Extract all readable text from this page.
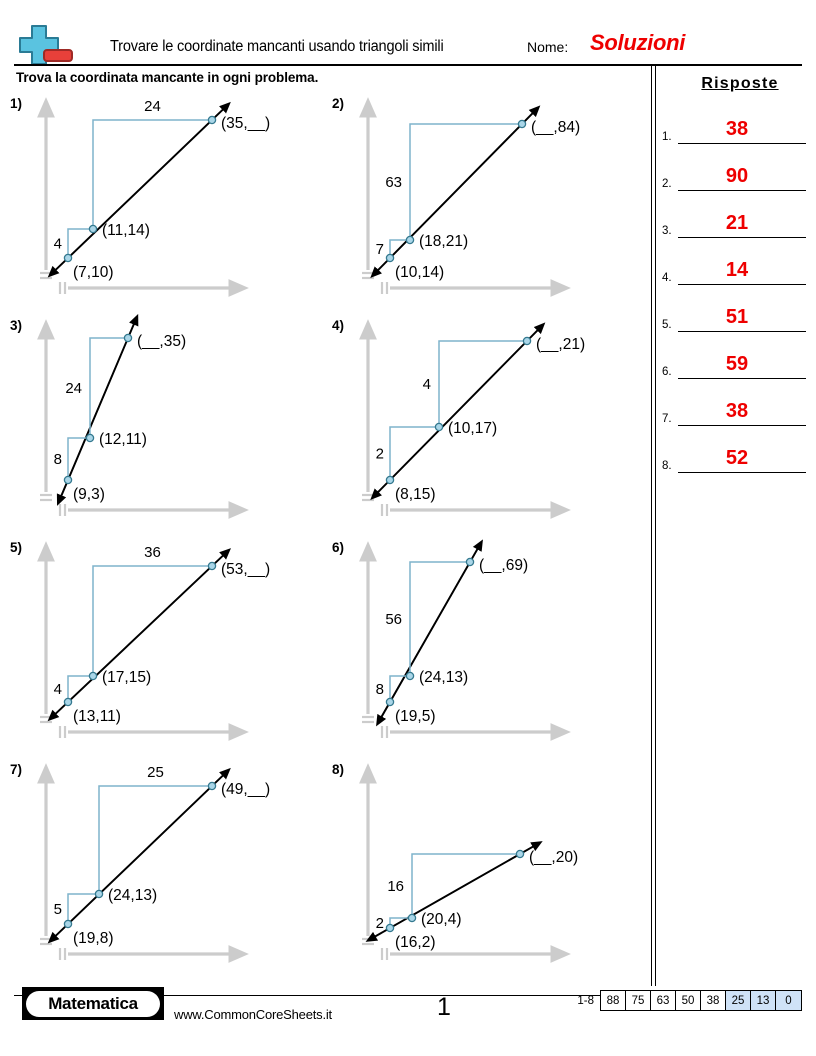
Trovare le coordinate mancanti usando triangoli simili	Nome: Soluzioni
Trova la coordinata mancante in ogni problema.	Risposte
1.	38
2.	90
3.	21
4.	14
5.	51
6.	59
7.	38
8.	52
1)
4
24
(7,10)
(11,14)
(35,__)
2)
7
63
(10,14)
(18,21)
(__,84)
3)
8
24
(9,3)
(12,11)
(__,35)
4)
2
4
(8,15)
(10,17)
(__,21)
5)
4
36
(13,11)
(17,15)
(53,__)
6)
8
56
(19,5)
(24,13)
(__,69)
7)
5
25
(19,8)
(24,13)
(49,__)
8)
2
16
(16,2)
(20,4)
(__,20)
Matematica
www.CommonCoreSheets.it	1	1-8	88	75	63	50	38	25	13	0
